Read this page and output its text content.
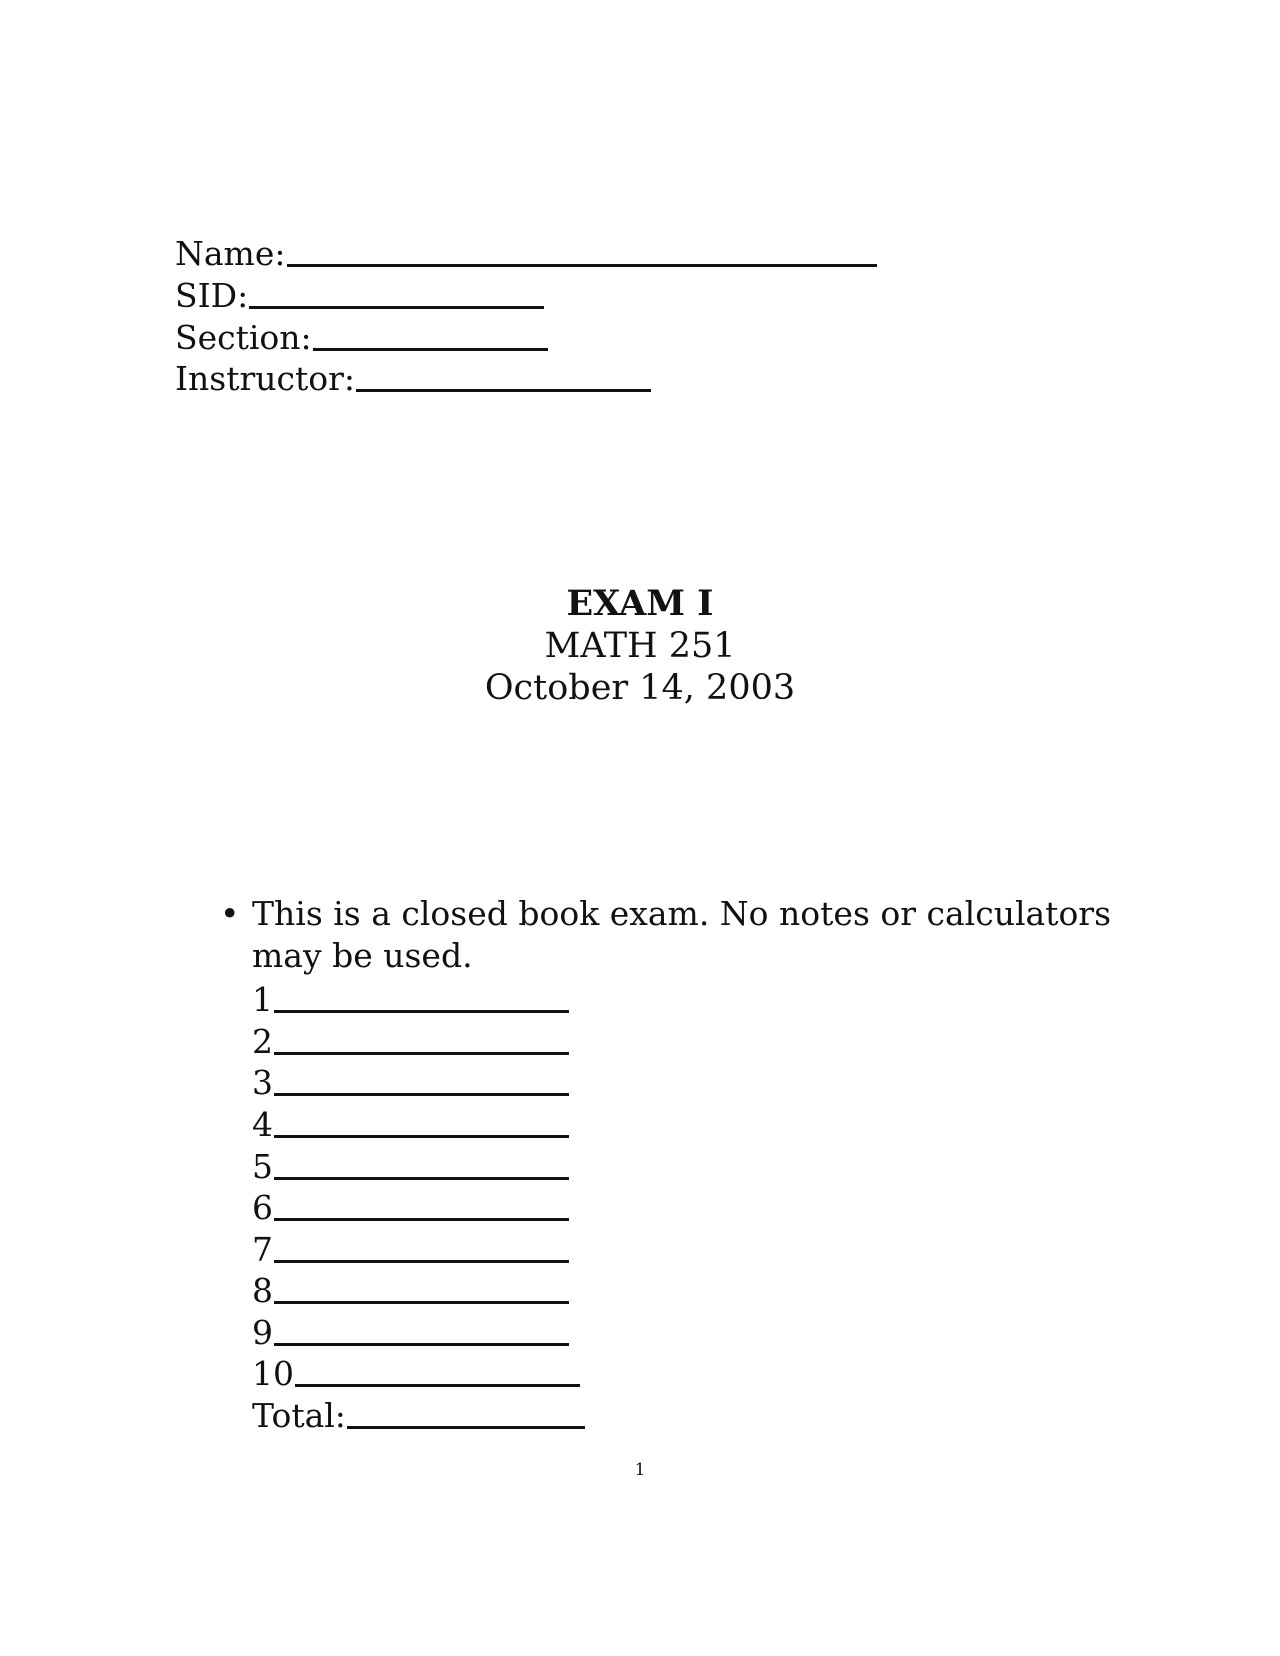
Name:
SID:
Section:
Instructor:
EXAM I
MATH 251
October 14, 2003
• This is a closed book exam. No notes or calculators may be used.
1
2
3
4
5
6
7
8
9
10
Total:
1
